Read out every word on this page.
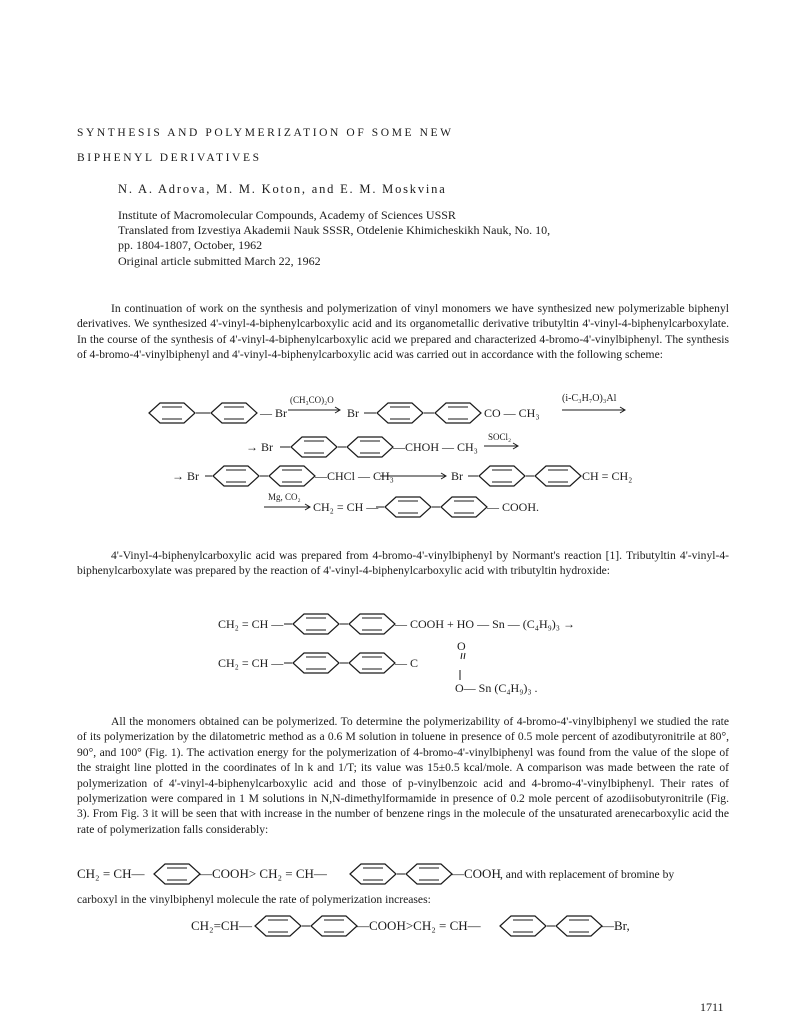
SYNTHESIS AND POLYMERIZATION OF SOME NEW
BIPHENYL DERIVATIVES
N. A. Adrova, M. M. Koton, and E. M. Moskvina
Institute of Macromolecular Compounds, Academy of Sciences USSR
Translated from Izvestiya Akademii Nauk SSSR, Otdelenie Khimicheskikh Nauk, No. 10,
pp. 1804-1807, October, 1962
Original article submitted March 22, 1962
In continuation of work on the synthesis and polymerization of vinyl monomers we have synthesized new polymerizable biphenyl derivatives. We synthesized 4'-vinyl-4-biphenylcarboxylic acid and its organometallic derivative tributyltin 4'-vinyl-4-biphenylcarboxylate. In the course of the synthesis of 4'-vinyl-4-biphenylcarboxylic acid we prepared and characterized 4-bromo-4'-vinylbiphenyl. The synthesis of 4-bromo-4'-vinylbiphenyl and 4'-vinyl-4-biphenylcarboxylic acid was carried out in accordance with the following scheme:
— Br
(CH₃CO)₂O
Br	CO — CH₃
(i-C₃H₇O)₃Al
→ Br	—CHOH — CH₃
SOCl₂
→ Br	—CHCl — CH₃	Br	CH = CH₂
Mg, CO₂
CH₂ = CH —	— COOH.
CH₂ = CH —	— COOH + HO — Sn — (C₄H₉)₃ →
O
CH₂ = CH —	— C
O— Sn (C₄H₉)₃ .
CH₂ = CH—	—COOH> CH₂ = CH—	—COOH , and with replacement of bromine by
CH₂=CH—	—COOH>CH₂ = CH—	—Br,
4'-Vinyl-4-biphenylcarboxylic acid was prepared from 4-bromo-4'-vinylbiphenyl by Normant's reaction [1]. Tributyltin 4'-vinyl-4-biphenylcarboxylate was prepared by the reaction of 4'-vinyl-4-biphenylcarboxylic acid with tributyltin hydroxide:
All the monomers obtained can be polymerized. To determine the polymerizability of 4-bromo-4'-vinylbiphenyl we studied the rate of its polymerization by the dilatometric method as a 0.6 M solution in toluene in presence of 0.5 mole percent of azodibutyronitrile at 80°, 90°, and 100° (Fig. 1). The activation energy for the polymerization of 4-bromo-4'-vinylbiphenyl was found from the value of the slope of the straight line plotted in the coordinates of ln k and 1/T; its value was 15±0.5 kcal/mole. A comparison was made between the rate of polymerization of 4'-vinyl-4-biphenylcarboxylic acid and those of p-vinylbenzoic acid and 4-bromo-4'-vinylbiphenyl. Their rates of polymerization were compared in 1 M solutions in N,N-dimethylformamide in presence of 0.2 mole percent of azodiisobutyronitrile (Fig. 3). From Fig. 3 it will be seen that with increase in the number of benzene rings in the molecule of the unsaturated arenecarboxylic acid the rate of polymerization falls considerably:
carboxyl in the vinylbiphenyl molecule the rate of polymerization increases:
1711
